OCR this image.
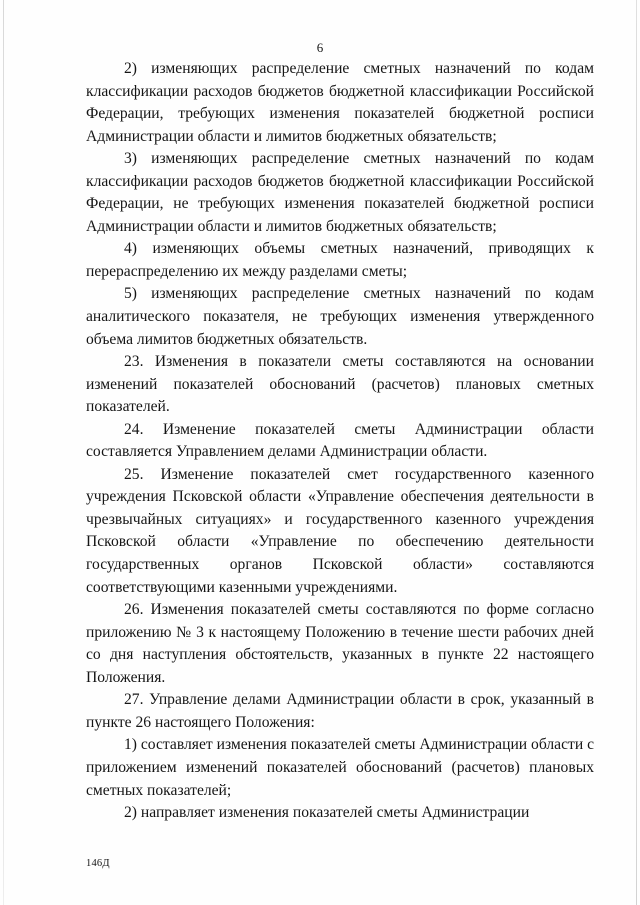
6

2) изменяющих распределение сметных назначений по кодам классификации расходов бюджетов бюджетной классификации Российской Федерации, требующих изменения показателей бюджетной росписи Администрации области и лимитов бюджетных обязательств;

3) изменяющих распределение сметных назначений по кодам классификации расходов бюджетов бюджетной классификации Российской Федерации, не требующих изменения показателей бюджетной росписи Администрации области и лимитов бюджетных обязательств;

4) изменяющих объемы сметных назначений, приводящих к перераспределению их между разделами сметы;

5) изменяющих распределение сметных назначений по кодам аналитического показателя, не требующих изменения утвержденного объема лимитов бюджетных обязательств.

23. Изменения в показатели сметы составляются на основании изменений показателей обоснований (расчетов) плановых сметных показателей.

24. Изменение показателей сметы Администрации области составляется Управлением делами Администрации области.

25. Изменение показателей смет государственного казенного учреждения Псковской области «Управление обеспечения деятельности в чрезвычайных ситуациях» и государственного казенного учреждения Псковской области «Управление по обеспечению деятельности государственных органов Псковской области» составляются соответствующими казенными учреждениями.

26. Изменения показателей сметы составляются по форме согласно приложению № 3 к настоящему Положению в течение шести рабочих дней со дня наступления обстоятельств, указанных в пункте 22 настоящего Положения.

27. Управление делами Администрации области в срок, указанный в пункте 26 настоящего Положения:

1) составляет изменения показателей сметы Администрации области с приложением изменений показателей обоснований (расчетов) плановых сметных показателей;

2) направляет изменения показателей сметы Администрации

146Д
